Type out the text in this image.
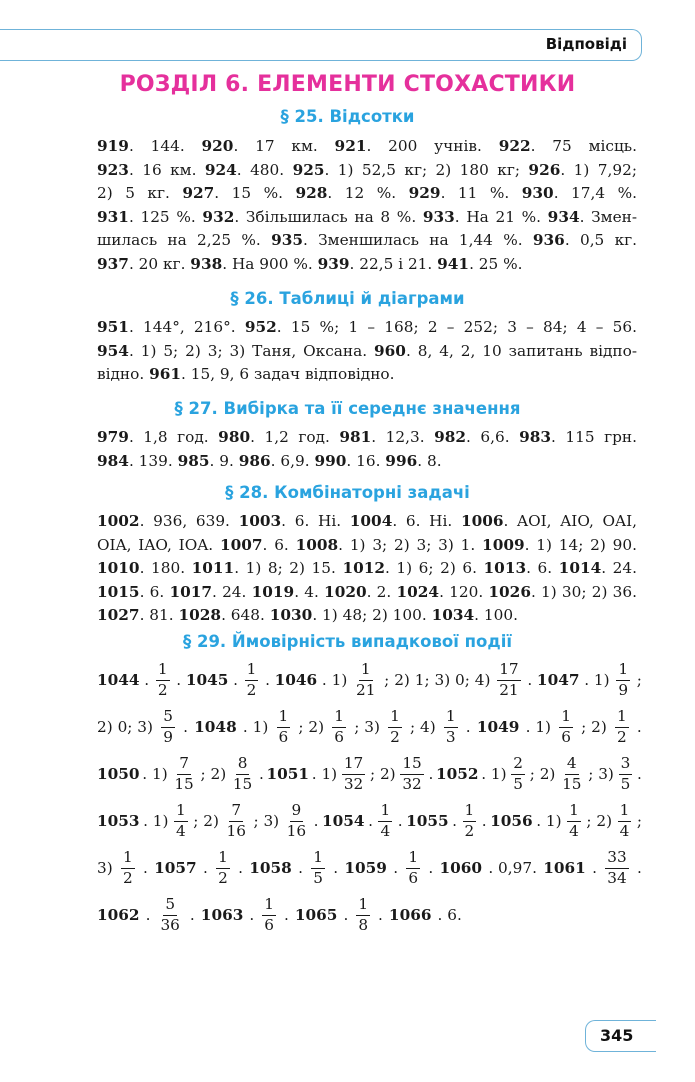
Відповіді
РОЗДІЛ 6. ЕЛЕМЕНТИ СТОХАСТИКИ
§ 25. Відсотки
919. 144. 920. 17 км. 921. 200 учнів. 922. 75 місць.
923. 16 км. 924. 480. 925. 1) 52,5 кг; 2) 180 кг; 926. 1) 7,92;
2) 5 кг. 927. 15 %. 928. 12 %. 929. 11 %. 930. 17,4 %.
931. 125 %. 932. Збільшилась на 8 %. 933. На 21 %. 934. Змен-
шилась на 2,25 %. 935. Зменшилась на 1,44 %. 936. 0,5 кг.
937. 20 кг. 938. На 900 %. 939. 22,5 і 21. 941. 25 %.
§ 26. Таблиці й діаграми
951. 144°, 216°. 952. 15 %; 1 – 168; 2 – 252; 3 – 84; 4 – 56.
954. 1) 5; 2) 3; 3) Таня, Оксана. 960. 8, 4, 2, 10 запитань відпо-
відно. 961. 15, 9, 6 задач відповідно.
§ 27. Вибірка та її середнє значення
979. 1,8 год. 980. 1,2 год. 981. 12,3. 982. 6,6. 983. 115 грн.
984. 139. 985. 9. 986. 6,9. 990. 16. 996. 8.
§ 28. Комбінаторні задачі
1002. 936, 639. 1003. 6. Ні. 1004. 6. Ні. 1006. AOI, AIO, OAI,
OIA, IAO, IOA. 1007. 6. 1008. 1) 3; 2) 3; 3) 1. 1009. 1) 14; 2) 90.
1010. 180. 1011. 1) 8; 2) 15. 1012. 1) 6; 2) 6. 1013. 6. 1014. 24.
1015. 6. 1017. 24. 1019. 4. 1020. 2. 1024. 120. 1026. 1) 30; 2) 36.
1027. 81. 1028. 648. 1030. 1) 48; 2) 100. 1034. 100.
§ 29. Ймовірність випадкової події
1044 . $\frac{1}{2}$ . 1045 . $\frac{1}{2}$ . 1046 . $1) \frac{1}{21}$ ; 2) 1; 3) 0; $4) \frac{17}{21}$ . 1047 . $1) \frac{1}{9}$ ;
2) 0; $3) \frac{5}{9}$ . 1048 . $1) \frac{1}{6}$ ; $2) \frac{1}{6}$ ; $3) \frac{1}{2}$ ; $4) \frac{1}{3}$ . 1049 . $1) \frac{1}{6}$ ; $2) \frac{1}{2}$ .
1050 . $1) \frac{7}{15}$ ; $2) \frac{8}{15}$ . 1051 . $1) \frac{17}{32}$ ; $2) \frac{15}{32}$ . 1052 . $1) \frac{2}{5}$ ; $2) \frac{4}{15}$ ; $3) \frac{3}{5}$ .
1053 . $1) \frac{1}{4}$ ; $2) \frac{7}{16}$ ; $3) \frac{9}{16}$ . 1054 . $\frac{1}{4}$ . 1055 . $\frac{1}{2}$ . 1056 . $1) \frac{1}{4}$ ; $2) \frac{1}{4}$ ;
$3) \frac{1}{2}$ . 1057 . $\frac{1}{2}$ . 1058 . $\frac{1}{5}$ . 1059 . $\frac{1}{6}$ . 1060 . 0,97. 1061 . $\frac{33}{34}$ .
1062 . $\frac{5}{36}$ . 1063 . $\frac{1}{6}$ . 1065 . $\frac{1}{8}$ . 1066 . 6.
345
